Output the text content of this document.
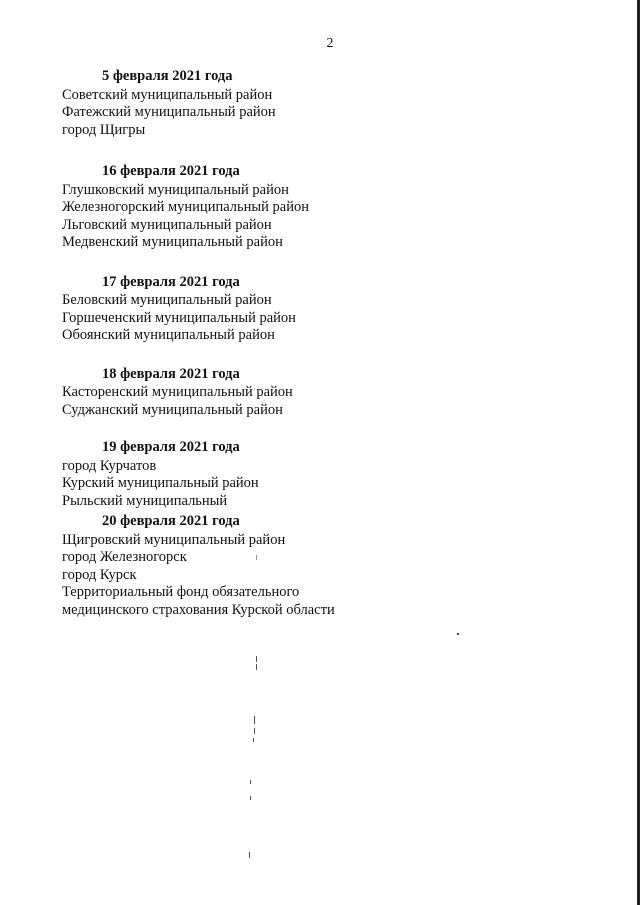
2

5 февраля 2021 года

Советский муниципальный район

Фатежский муниципальный район

город Щигры

16 февраля 2021 года

Глушковский муниципальный район

Железногорский муниципальный район

Льговский муниципальный район

Медвенский муниципальный район

17 февраля 2021 года

Беловский муниципальный район

Горшеченский муниципальный район

Обоянский муниципальный район

18 февраля 2021 года

Касторенский муниципальный район

Суджанский муниципальный район

19 февраля 2021 года

город Курчатов

Курский муниципальный район

Рыльский муниципальный

20 февраля 2021 года

Щигровский муниципальный район

город Железногорск

город Курск

Территориальный фонд обязательного

медицинского страхования Курской области
